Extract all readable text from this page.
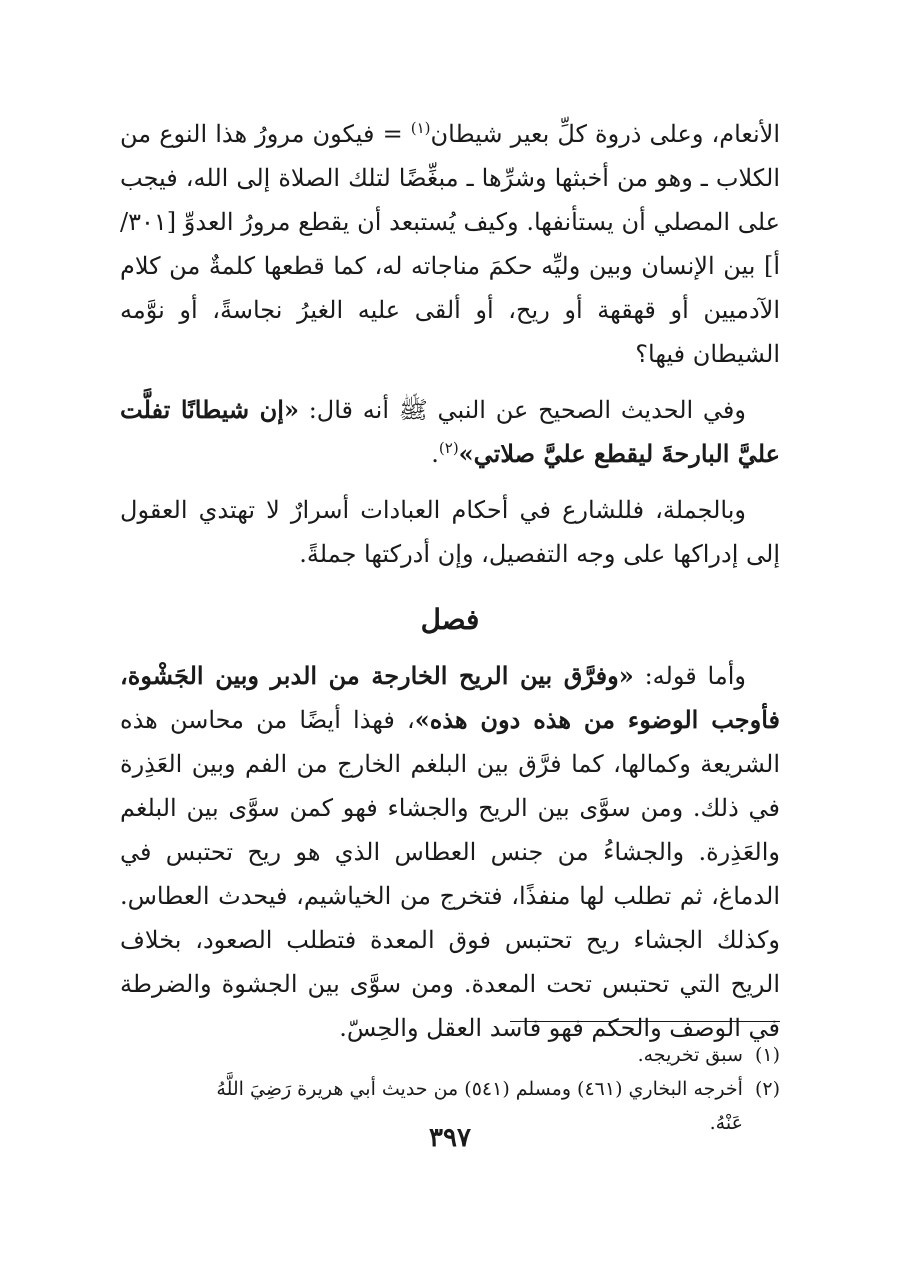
الأنعام، وعلى ذروة كلِّ بعير شيطان$^{(١)}$ = فيكون مرورُ هذا النوع من الكلاب ـ وهو من أخبثها وشرِّها ـ مبغِّضًا لتلك الصلاة إلى الله، فيجب على المصلي أن يستأنفها. وكيف يُستبعد أن يقطع مرورُ العدوِّ [٣٠١/أ] بين الإنسان وبين وليِّه حكمَ مناجاته له، كما قطعها كلمةٌ من كلام الآدميين أو قهقهة أو ريح، أو ألقى عليه الغيرُ نجاسةً، أو نوَّمه الشيطان فيها؟

وفي الحديث الصحيح عن النبي ﷺ أنه قال: «إن شيطانًا تفلَّت عليَّ البارحةَ ليقطع عليَّ صلاتي»$^{(٢)}$.

وبالجملة، فللشارع في أحكام العبادات أسرارٌ لا تهتدي العقول إلى إدراكها على وجه التفصيل، وإن أدركتها جملةً.

فصل

وأما قوله: «وفرَّق بين الريح الخارجة من الدبر وبين الجَشْوة، فأوجب الوضوء من هذه دون هذه»، فهذا أيضًا من محاسن هذه الشريعة وكمالها، كما فرَّق بين البلغم الخارج من الفم وبين العَذِرة في ذلك. ومن سوَّى بين الريح والجشاء فهو كمن سوَّى بين البلغم والعَذِرة. والجشاءُ من جنس العطاس الذي هو ريح تحتبس في الدماغ، ثم تطلب لها منفذًا، فتخرج من الخياشيم، فيحدث العطاس. وكذلك الجشاء ريح تحتبس فوق المعدة فتطلب الصعود، بخلاف الريح التي تحتبس تحت المعدة. ومن سوَّى بين الجشوة والضرطة في الوصف والحكم فهو فاسد العقل والحِسّ.

(١)
سبق تخريجه.
(٢)
أخرجه البخاري (٤٦١) ومسلم (٥٤١) من حديث أبي هريرة رَضِيَ اللَّهُ عَنْهُ.
٣٩٧
